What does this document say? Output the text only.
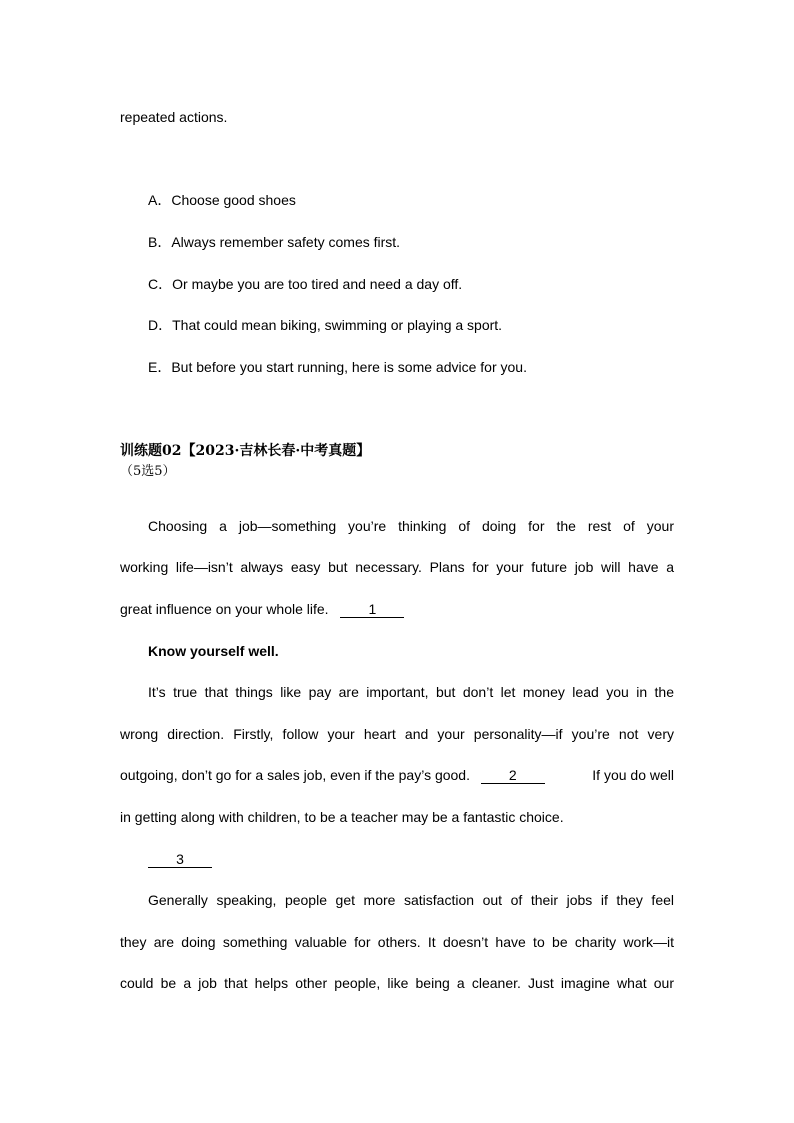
repeated actions.
A．Choose good shoes
B．Always remember safety comes first.
C．Or maybe you are too tired and need a day off.
D．That could mean biking, swimming or playing a sport.
E．But before you start running, here is some advice for you.
训练题02【2023·吉林长春·中考真题】
（5选5）
Choosing a job—something you’re thinking of doing for the rest of your
working life—isn’t always easy but necessary. Plans for your future job will have a
great influence on your whole life.	1
Know yourself well.
It’s true that things like pay are important, but don’t let money lead you in the
wrong direction. Firstly, follow your heart and your personality—if you’re not very
outgoing, don’t go for a sales job, even if the pay’s good.	2	If you do well
in getting along with children, to be a teacher may be a fantastic choice.
3
Generally speaking, people get more satisfaction out of their jobs if they feel
they are doing something valuable for others. It doesn’t have to be charity work—it
could be a job that helps other people, like being a cleaner. Just imagine what our
